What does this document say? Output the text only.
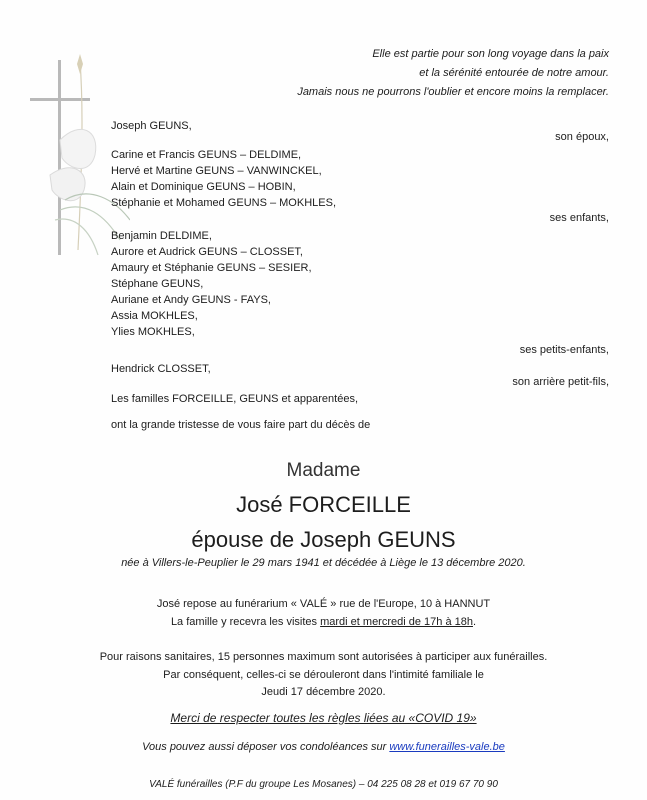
Elle est partie pour son long voyage dans la paix
et la sérénité entourée de notre amour.
Jamais nous ne pourrons l'oublier et encore moins la remplacer.
Joseph GEUNS,
son époux,
Carine et Francis GEUNS – DELDIME,
Hervé et Martine GEUNS – VANWINCKEL,
Alain et Dominique GEUNS – HOBIN,
Stéphanie et Mohamed GEUNS – MOKHLES,
ses enfants,
Benjamin DELDIME,
Aurore et Audrick GEUNS – CLOSSET,
Amaury et Stéphanie GEUNS – SESIER,
Stéphane GEUNS,
Auriane et Andy GEUNS - FAYS,
Assia MOKHLES,
Ylies MOKHLES,
ses petits-enfants,
Hendrick CLOSSET,
son arrière petit-fils,
Les familles FORCEILLE, GEUNS et apparentées,
ont la grande tristesse de vous faire part du décès de
Madame
José FORCEILLE
épouse de Joseph GEUNS
née à Villers-le-Peuplier le 29 mars 1941 et décédée à Liège le 13 décembre 2020.
José repose au funérarium « VALÉ » rue de l'Europe, 10 à HANNUT
La famille y recevra les visites mardi et mercredi de 17h à 18h.
Pour raisons sanitaires, 15 personnes maximum sont autorisées à participer aux funérailles.
Par conséquent, celles-ci se dérouleront dans l'intimité familiale le
Jeudi 17 décembre 2020.
Merci de respecter toutes les règles liées au «COVID 19»
Vous pouvez aussi déposer vos condoléances sur www.funerailles-vale.be
VALÉ funérailles (P.F du groupe Les Mosanes) – 04 225 08 28 et 019 67 70 90
